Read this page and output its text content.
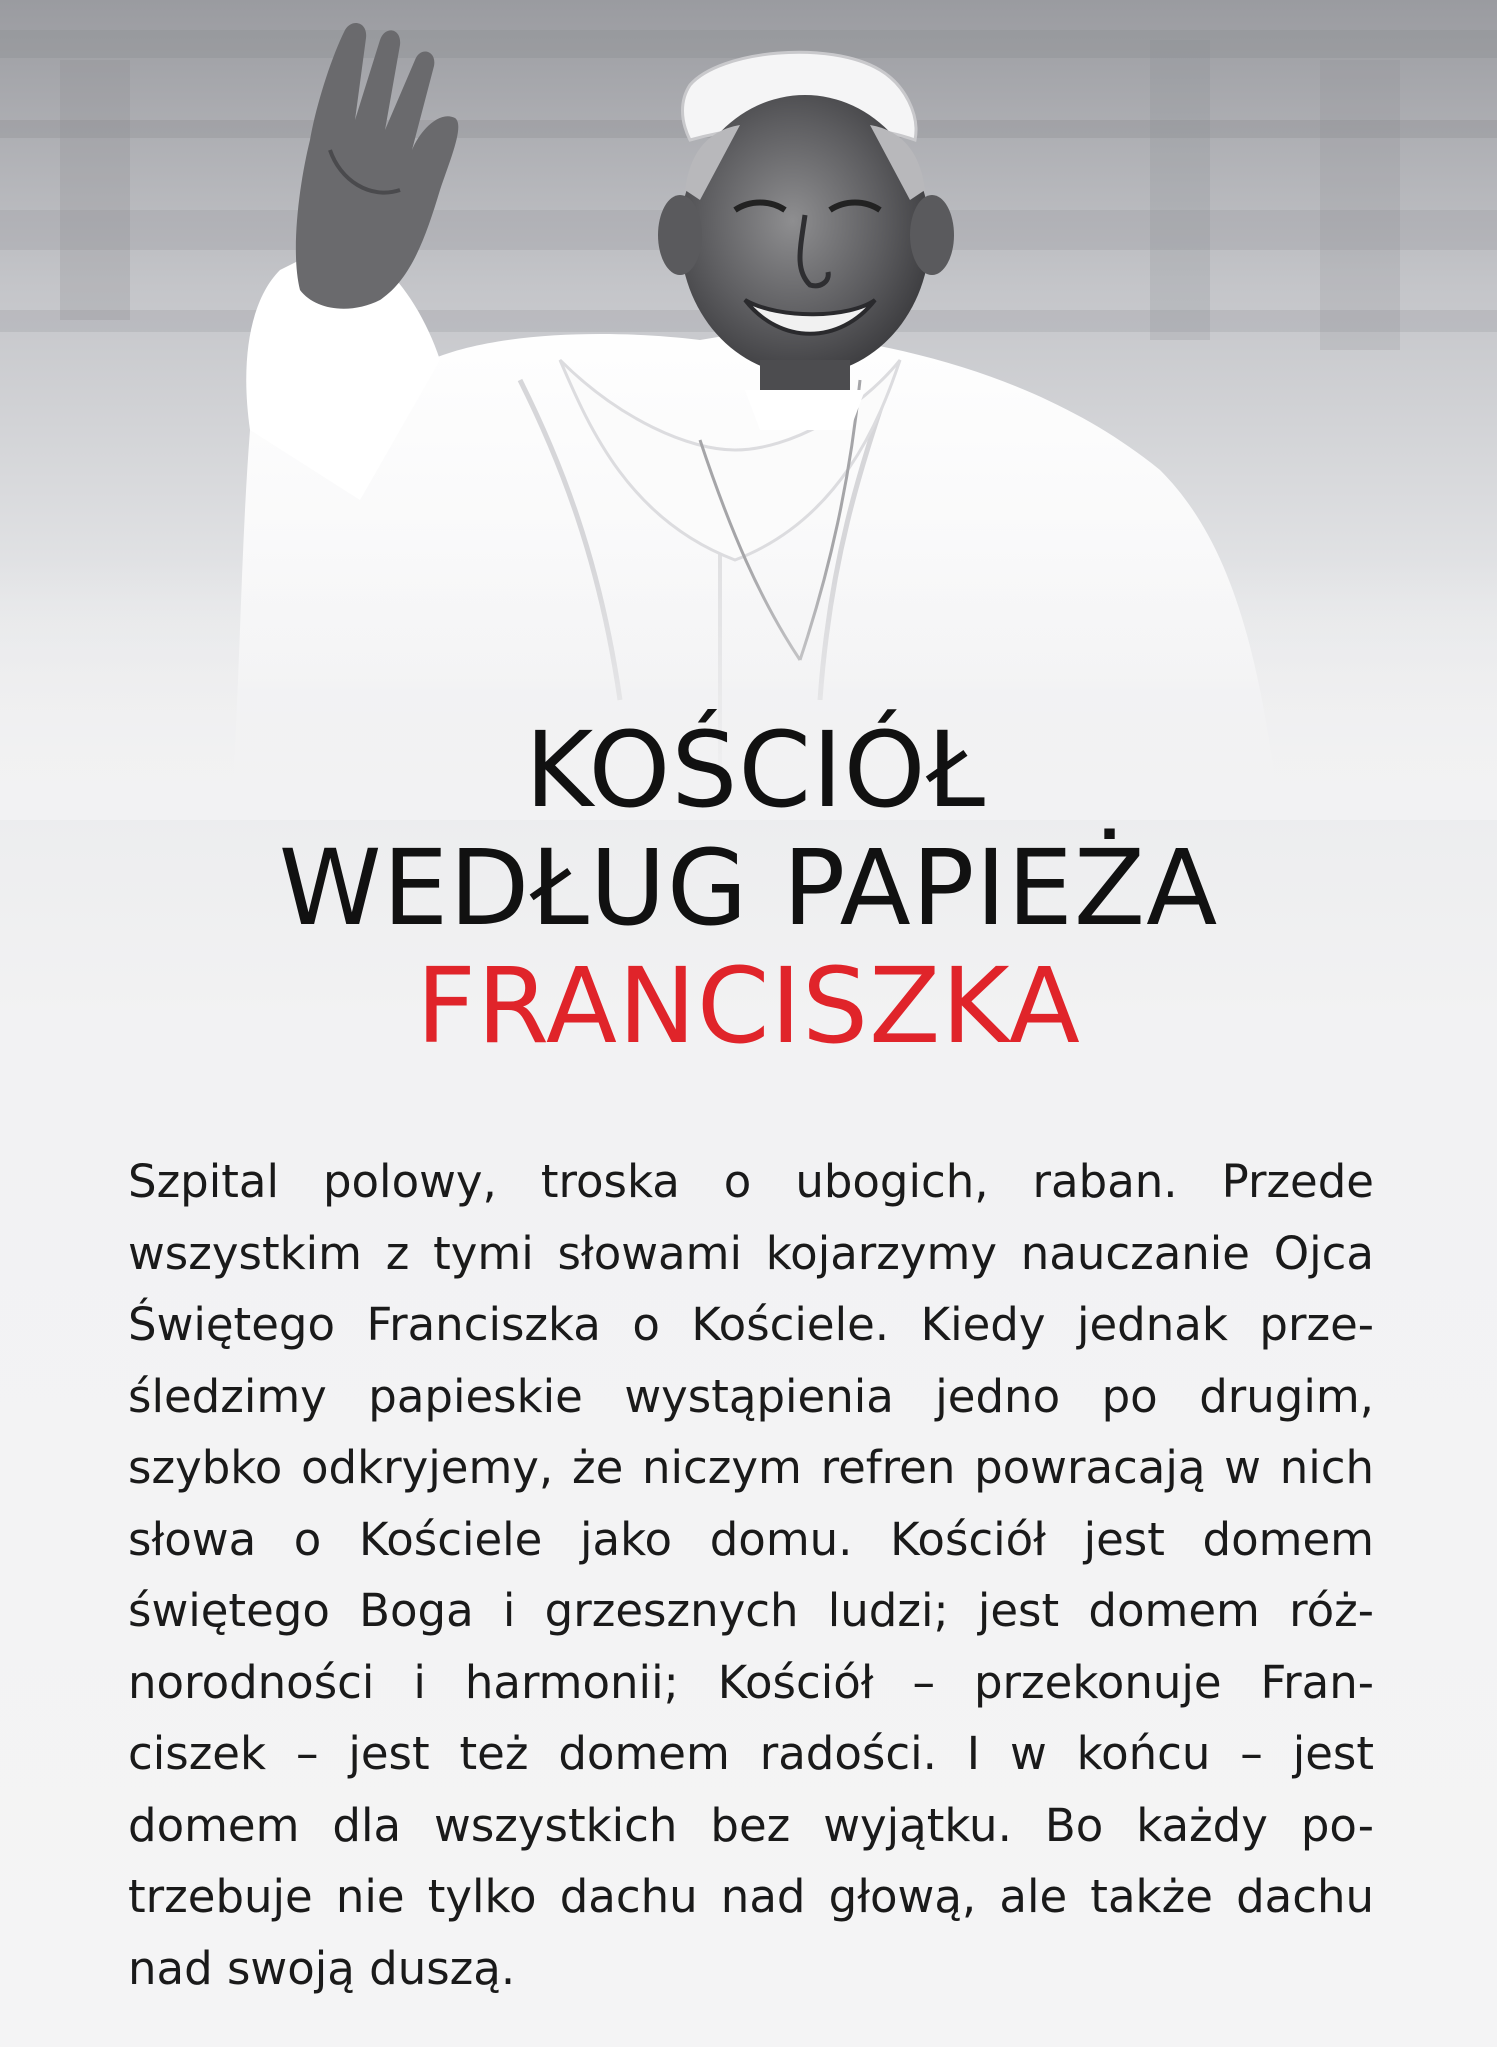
KOŚCIÓŁ
WEDŁUG PAPIEŻA
FRANCISZKA
Szpital polowy, troska o ubogich, raban. Przede
wszystkim z tymi słowami kojarzymy nauczanie Ojca
Świętego Franciszka o Kościele. Kiedy jednak prze-
śledzimy papieskie wystąpienia jedno po drugim,
szybko odkryjemy, że niczym refren powracają w nich
słowa o Kościele jako domu. Kościół jest domem
świętego Boga i grzesznych ludzi; jest domem róż-
norodności i harmonii; Kościół – przekonuje Fran-
ciszek – jest też domem radości. I w końcu – jest
domem dla wszystkich bez wyjątku. Bo każdy po-
trzebuje nie tylko dachu nad głową, ale także dachu
nad swoją duszą.
